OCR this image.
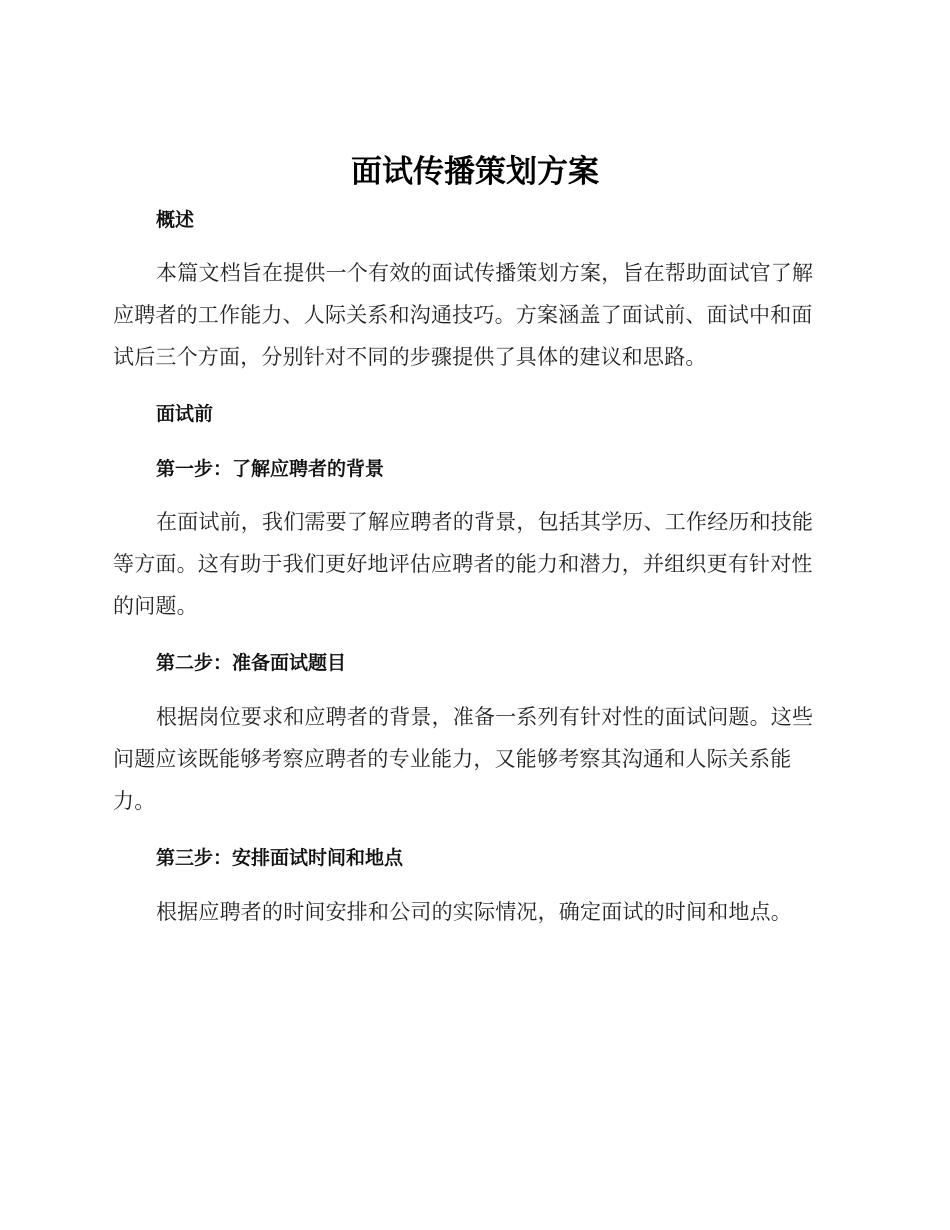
面试传播策划方案
概述

本篇文档旨在提供一个有效的面试传播策划方案，旨在帮助面试官了解
应聘者的工作能力、人际关系和沟通技巧。方案涵盖了面试前、面试中和面
试后三个方面，分别针对不同的步骤提供了具体的建议和思路。

面试前
第一步：了解应聘者的背景

在面试前，我们需要了解应聘者的背景，包括其学历、工作经历和技能
等方面。这有助于我们更好地评估应聘者的能力和潜力，并组织更有针对性
的问题。

第二步：准备面试题目

根据岗位要求和应聘者的背景，准备一系列有针对性的面试问题。这些
问题应该既能够考察应聘者的专业能力，又能够考察其沟通和人际关系能
力。

第三步：安排面试时间和地点

根据应聘者的时间安排和公司的实际情况，确定面试的时间和地点。
